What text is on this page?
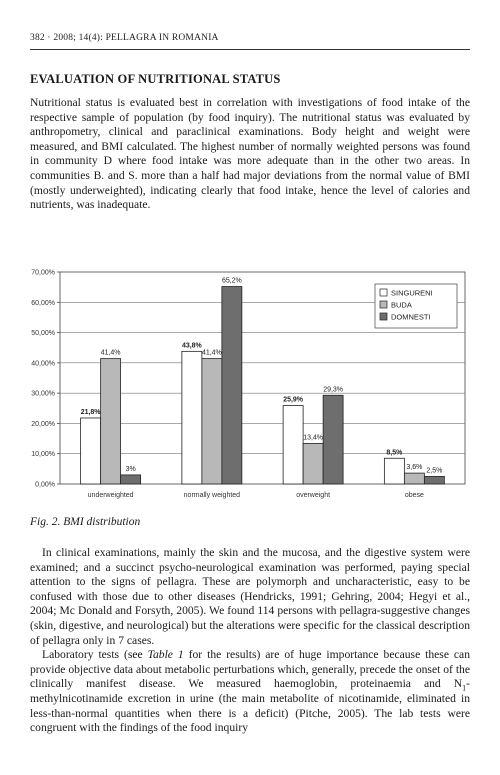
382 · 2008; 14(4): PELLAGRA IN ROMANIA
EVALUATION OF NUTRITIONAL STATUS

Nutritional status is evaluated best in correlation with investigations of food intake of the respective sample of population (by food inquiry). The nutritional status was evaluated by anthropometry, clinical and paraclinical examinations. Body height and weight were measured, and BMI calculated. The highest number of normally weighted persons was found in community D where food intake was more adequate than in the other two areas. In communities B. and S. more than a half had major deviations from the normal value of BMI (mostly underweighted), indicating clearly that food intake, hence the level of calories and nutrients, was inadequate.

0,00%
10,00%
20,00%
30,00%
40,00%
50,00%
60,00%
70,00%
21,8%
41,4%
3%
underweighted
43,8%
41,4%
65,2%
normally weighted
25,9%
13,4%
29,3%
overweight
8,5%
3,6% 2,5%
obese
SINGURENI
BUDA
DOMNESTI
Fig. 2. BMI distribution

In clinical examinations, mainly the skin and the mucosa, and the digestive system were examined; and a succinct psycho-neurological examination was performed, paying special attention to the signs of pellagra. These are polymorph and uncharacteristic, easy to be confused with those due to other diseases (Hendricks, 1991; Gehring, 2004; Hegyi et al., 2004; Mc Donald and Forsyth, 2005). We found 114 persons with pellagra-suggestive changes (skin, digestive, and neurological) but the alterations were specific for the classical description of pellagra only in 7 cases.

Laboratory tests (see Table 1 for the results) are of huge importance because these can provide objective data about metabolic perturbations which, generally, precede the onset of the clinically manifest disease. We measured haemoglobin, proteinaemia and $N_1$-methylnicotinamide excretion in urine (the main metabolite of nicotinamide, eliminated in less-than-normal quantities when there is a deficit) (Pitche, 2005). The lab tests were congruent with the findings of the food inquiry
